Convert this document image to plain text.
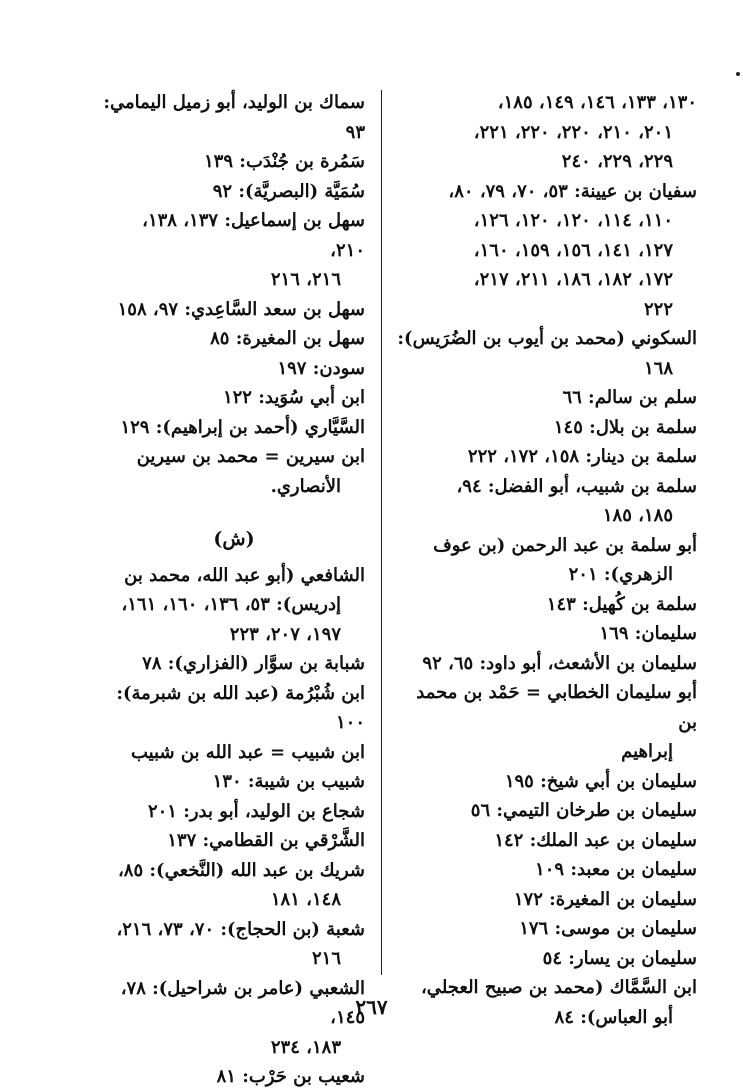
١٣٠، ١٣٣، ١٤٦، ١٤٩، ١٨٥،
٢٠١، ٢١٠، ٢٢٠، ٢٢٠، ٢٢١،
٢٢٩، ٢٢٩، ٢٤٠
سفيان بن عيينة: ٥٣، ٧٠، ٧٩، ٨٠،
١١٠، ١١٤، ١٢٠، ١٢٠، ١٢٦،
١٢٧، ١٤١، ١٥٦، ١٥٩، ١٦٠،
١٧٢، ١٨٢، ١٨٦، ٢١١، ٢١٧،
٢٢٢
السكوني (محمد بن أيوب بن الضُرَيس):
١٦٨
سلم بن سالم: ٦٦
سلمة بن بلال: ١٤٥
سلمة بن دينار: ١٥٨، ١٧٢، ٢٢٢
سلمة بن شبيب، أبو الفضل: ٩٤،
١٨٥، ١٨٥
أبو سلمة بن عبد الرحمن (بن عوف
الزهري): ٢٠١
سلمة بن كُهيل: ١٤٣
سليمان: ١٦٩
سليمان بن الأشعث، أبو داود: ٦٥، ٩٢
أبو سليمان الخطابي = حَمْد بن محمد بن
إبراهيم
سليمان بن أبي شيخ: ١٩٥
سليمان بن طرخان التيمي: ٥٦
سليمان بن عبد الملك: ١٤٢
سليمان بن معبد: ١٠٩
سليمان بن المغيرة: ١٧٢
سليمان بن موسى: ١٧٦
سليمان بن يسار: ٥٤
ابن السَّمَّاك (محمد بن صبيح العجلي،
أبو العباس): ٨٤
سماك بن الوليد، أبو زميل اليمامي: ٩٣
سَمُرة بن جُنْدَب: ١٣٩
سُمَيَّة (البصريَّة): ٩٢
سهل بن إسماعيل: ١٣٧، ١٣٨، ٢١٠،
٢١٦، ٢١٦
سهل بن سعد السَّاعِدي: ٩٧، ١٥٨
سهل بن المغيرة: ٨٥
سودن: ١٩٧
ابن أبي سُوَيد: ١٢٢
السَّيَّاري (أحمد بن إبراهيم): ١٢٩
ابن سيرين = محمد بن سيرين
الأنصاري.
(ش)
الشافعي (أبو عبد الله، محمد بن
إدريس): ٥٣، ١٣٦، ١٦٠، ١٦١،
١٩٧، ٢٠٧، ٢٢٣
شبابة بن سوَّار (الفزاري): ٧٨
ابن شُبْرُمة (عبد الله بن شبرمة): ١٠٠
ابن شبيب = عبد الله بن شبيب
شبيب بن شيبة: ١٣٠
شجاع بن الوليد، أبو بدر: ٢٠١
الشَّرْقي بن القطامي: ١٣٧
شريك بن عبد الله (النَّخعي): ٨٥،
١٤٨، ١٨١
شعبة (بن الحجاج): ٧٠، ٧٣، ٢١٦،
٢١٦
الشعبي (عامر بن شراحيل): ٧٨، ١٤٥،
١٨٣، ٢٣٤
شعيب بن حَرْب: ٨١
٢٦٧
